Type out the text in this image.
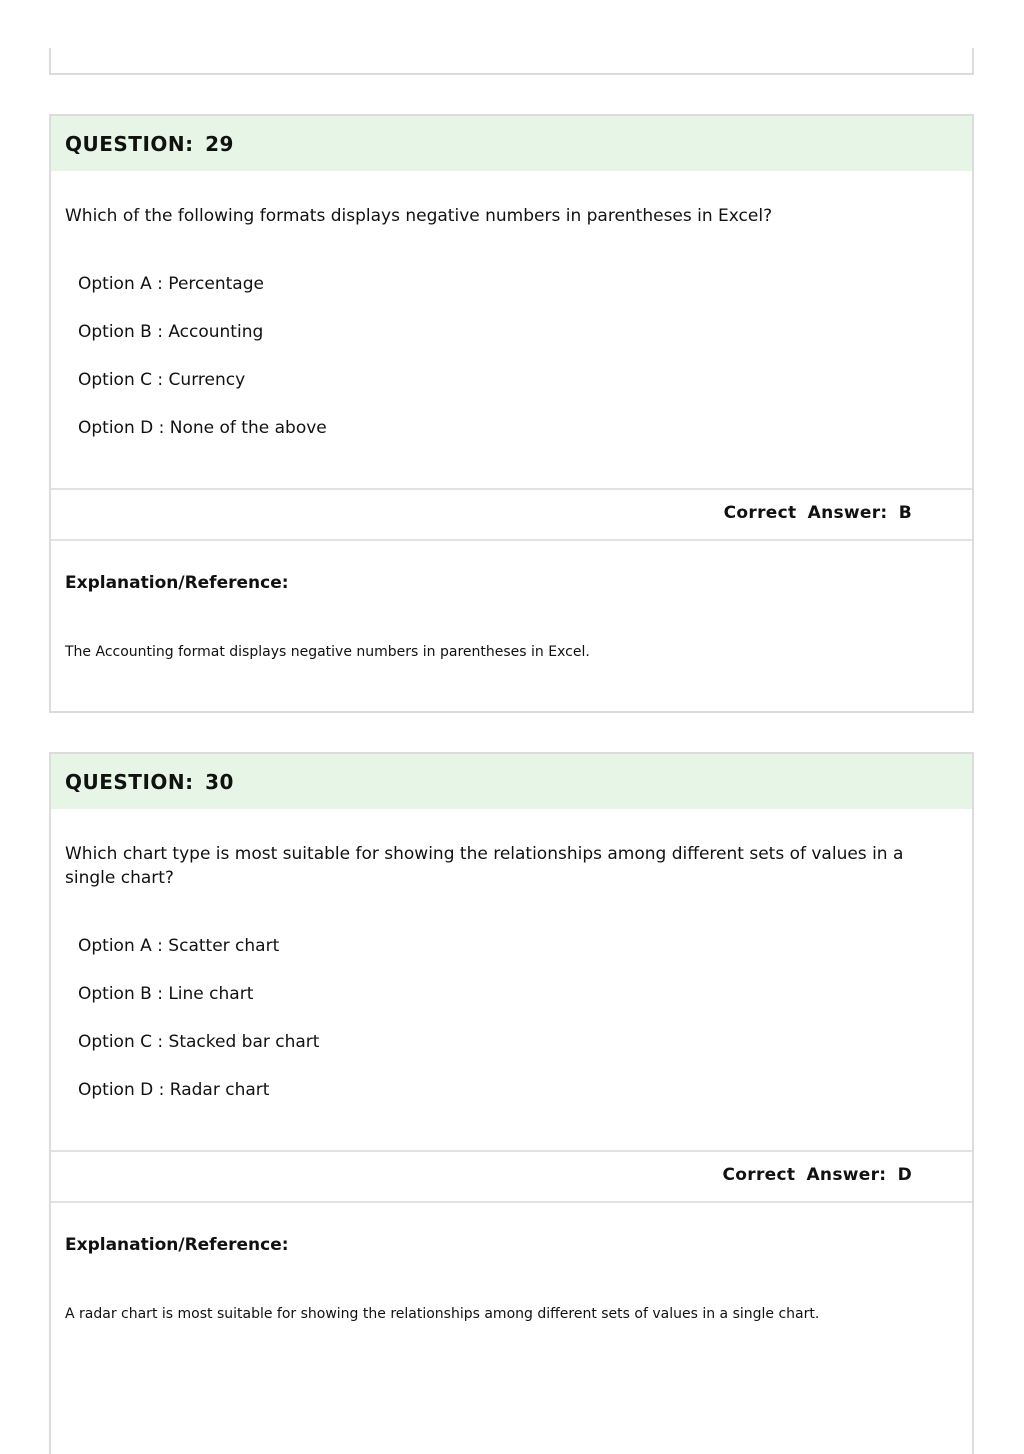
QUESTION: 29
Which of the following formats displays negative numbers in parentheses in Excel?
Option A : Percentage
Option B : Accounting
Option C : Currency
Option D : None of the above
Correct Answer: B
Explanation/Reference:
The Accounting format displays negative numbers in parentheses in Excel.
QUESTION: 30
Which chart type is most suitable for showing the relationships among different sets of values in a single chart?
Option A : Scatter chart
Option B : Line chart
Option C : Stacked bar chart
Option D : Radar chart
Correct Answer: D
Explanation/Reference:
A radar chart is most suitable for showing the relationships among different sets of values in a single chart.
